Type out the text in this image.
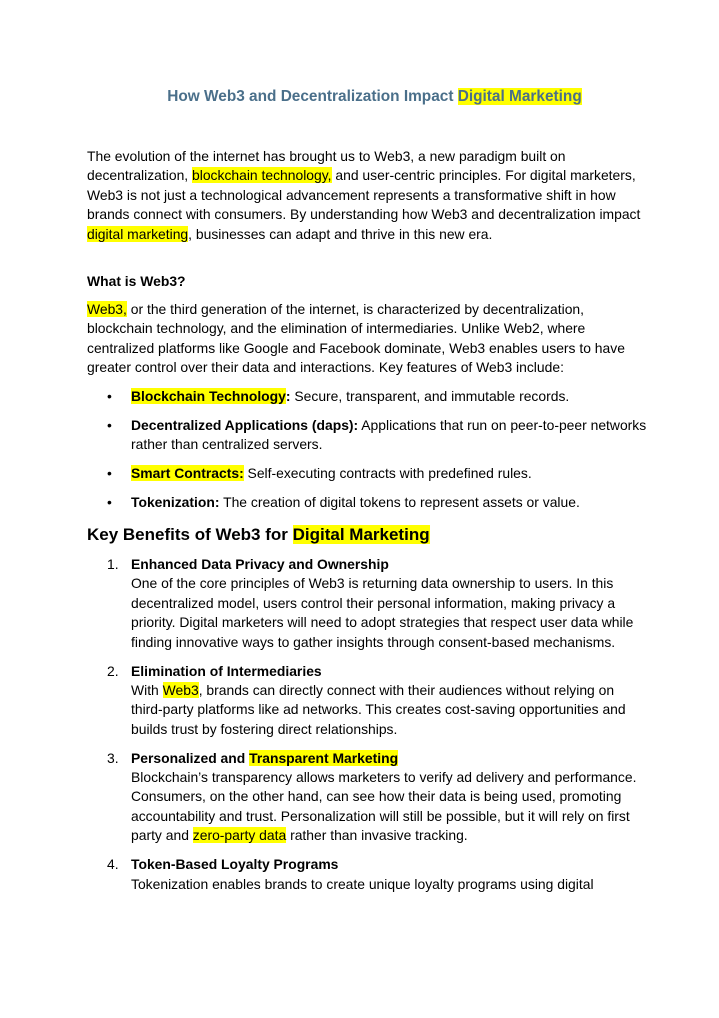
How Web3 and Decentralization Impact Digital Marketing
The evolution of the internet has brought us to Web3, a new paradigm built on decentralization, blockchain technology, and user-centric principles. For digital marketers, Web3 is not just a technological advancement represents a transformative shift in how brands connect with consumers. By understanding how Web3 and decentralization impact digital marketing, businesses can adapt and thrive in this new era.
What is Web3?
Web3, or the third generation of the internet, is characterized by decentralization, blockchain technology, and the elimination of intermediaries. Unlike Web2, where centralized platforms like Google and Facebook dominate, Web3 enables users to have greater control over their data and interactions. Key features of Web3 include:
• Blockchain Technology: Secure, transparent, and immutable records.
• Decentralized Applications (daps): Applications that run on peer-to-peer networks rather than centralized servers.
• Smart Contracts: Self-executing contracts with predefined rules.
• Tokenization: The creation of digital tokens to represent assets or value.
Key Benefits of Web3 for Digital Marketing
1. Enhanced Data Privacy and Ownership
One of the core principles of Web3 is returning data ownership to users. In this decentralized model, users control their personal information, making privacy a priority. Digital marketers will need to adopt strategies that respect user data while finding innovative ways to gather insights through consent-based mechanisms.
2. Elimination of Intermediaries
With Web3, brands can directly connect with their audiences without relying on third-party platforms like ad networks. This creates cost-saving opportunities and builds trust by fostering direct relationships.
3. Personalized and Transparent Marketing
Blockchain’s transparency allows marketers to verify ad delivery and performance. Consumers, on the other hand, can see how their data is being used, promoting accountability and trust. Personalization will still be possible, but it will rely on first party and zero-party data rather than invasive tracking.
4. Token-Based Loyalty Programs
Tokenization enables brands to create unique loyalty programs using digital
